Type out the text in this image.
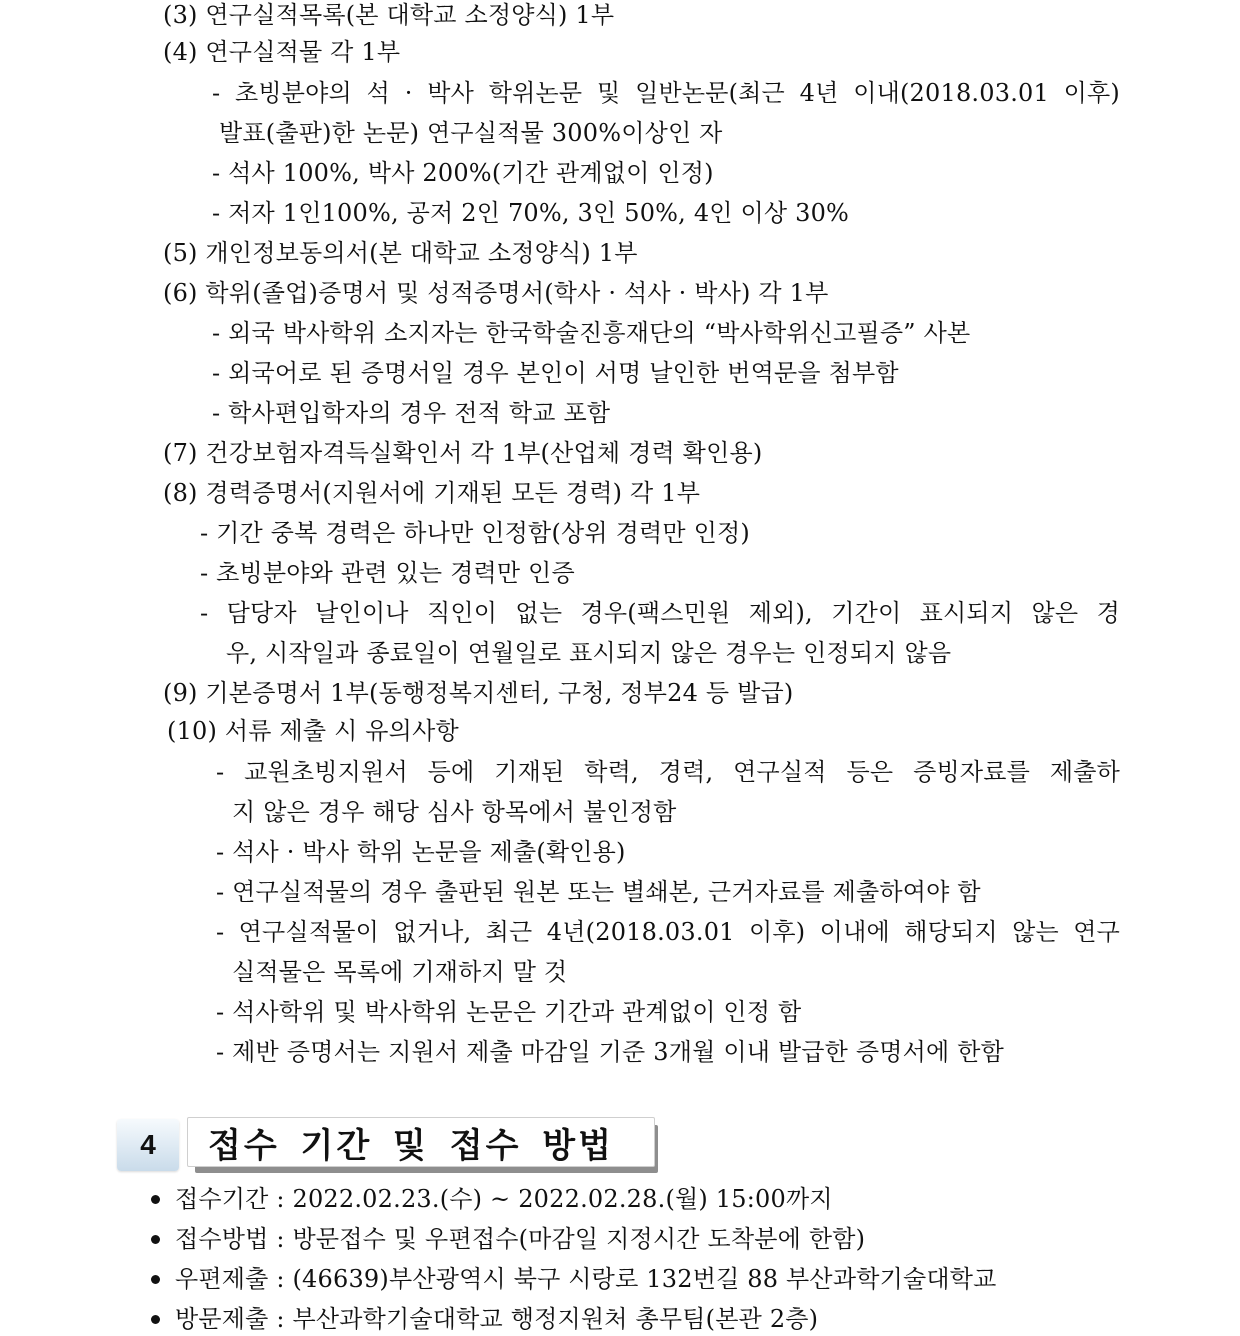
(3) 연구실적목록(본 대학교 소정양식) 1부
(4) 연구실적물 각 1부
- 초빙분야의 석 · 박사 학위논문 및 일반논문(최근 4년 이내(2018.03.01 이후)
발표(출판)한 논문) 연구실적물 300%이상인 자
- 석사 100%, 박사 200%(기간 관계없이 인정)
- 저자 1인100%, 공저 2인 70%, 3인 50%, 4인 이상 30%
(5) 개인정보동의서(본 대학교 소정양식) 1부
(6) 학위(졸업)증명서 및 성적증명서(학사 · 석사 · 박사) 각 1부
- 외국 박사학위 소지자는 한국학술진흥재단의 “박사학위신고필증” 사본
- 외국어로 된 증명서일 경우 본인이 서명 날인한 번역문을 첨부함
- 학사편입학자의 경우 전적 학교 포함
(7) 건강보험자격득실확인서 각 1부(산업체 경력 확인용)
(8) 경력증명서(지원서에 기재된 모든 경력) 각 1부
- 기간 중복 경력은 하나만 인정함(상위 경력만 인정)
- 초빙분야와 관련 있는 경력만 인증
- 담당자 날인이나 직인이 없는 경우(팩스민원 제외), 기간이 표시되지 않은 경
우, 시작일과 종료일이 연월일로 표시되지 않은 경우는 인정되지 않음
(9) 기본증명서 1부(동행정복지센터, 구청, 정부24 등 발급)
(10) 서류 제출 시 유의사항
- 교원초빙지원서 등에 기재된 학력, 경력, 연구실적 등은 증빙자료를 제출하
지 않은 경우 해당 심사 항목에서 불인정함
- 석사 · 박사 학위 논문을 제출(확인용)
- 연구실적물의 경우 출판된 원본 또는 별쇄본, 근거자료를 제출하여야 함
- 연구실적물이 없거나, 최근 4년(2018.03.01 이후) 이내에 해당되지 않는 연구
실적물은 목록에 기재하지 말 것
- 석사학위 및 박사학위 논문은 기간과 관계없이 인정 함
- 제반 증명서는 지원서 제출 마감일 기준 3개월 이내 발급한 증명서에 한함
4	접수 기간 및 접수 방법
접수기간 : 2022.02.23.(수) ~ 2022.02.28.(월) 15:00까지
접수방법 : 방문접수 및 우편접수(마감일 지정시간 도착분에 한함)
우편제출 : (46639)부산광역시 북구 시랑로 132번길 88 부산과학기술대학교
방문제출 : 부산과학기술대학교 행정지원처 총무팀(본관 2층)
